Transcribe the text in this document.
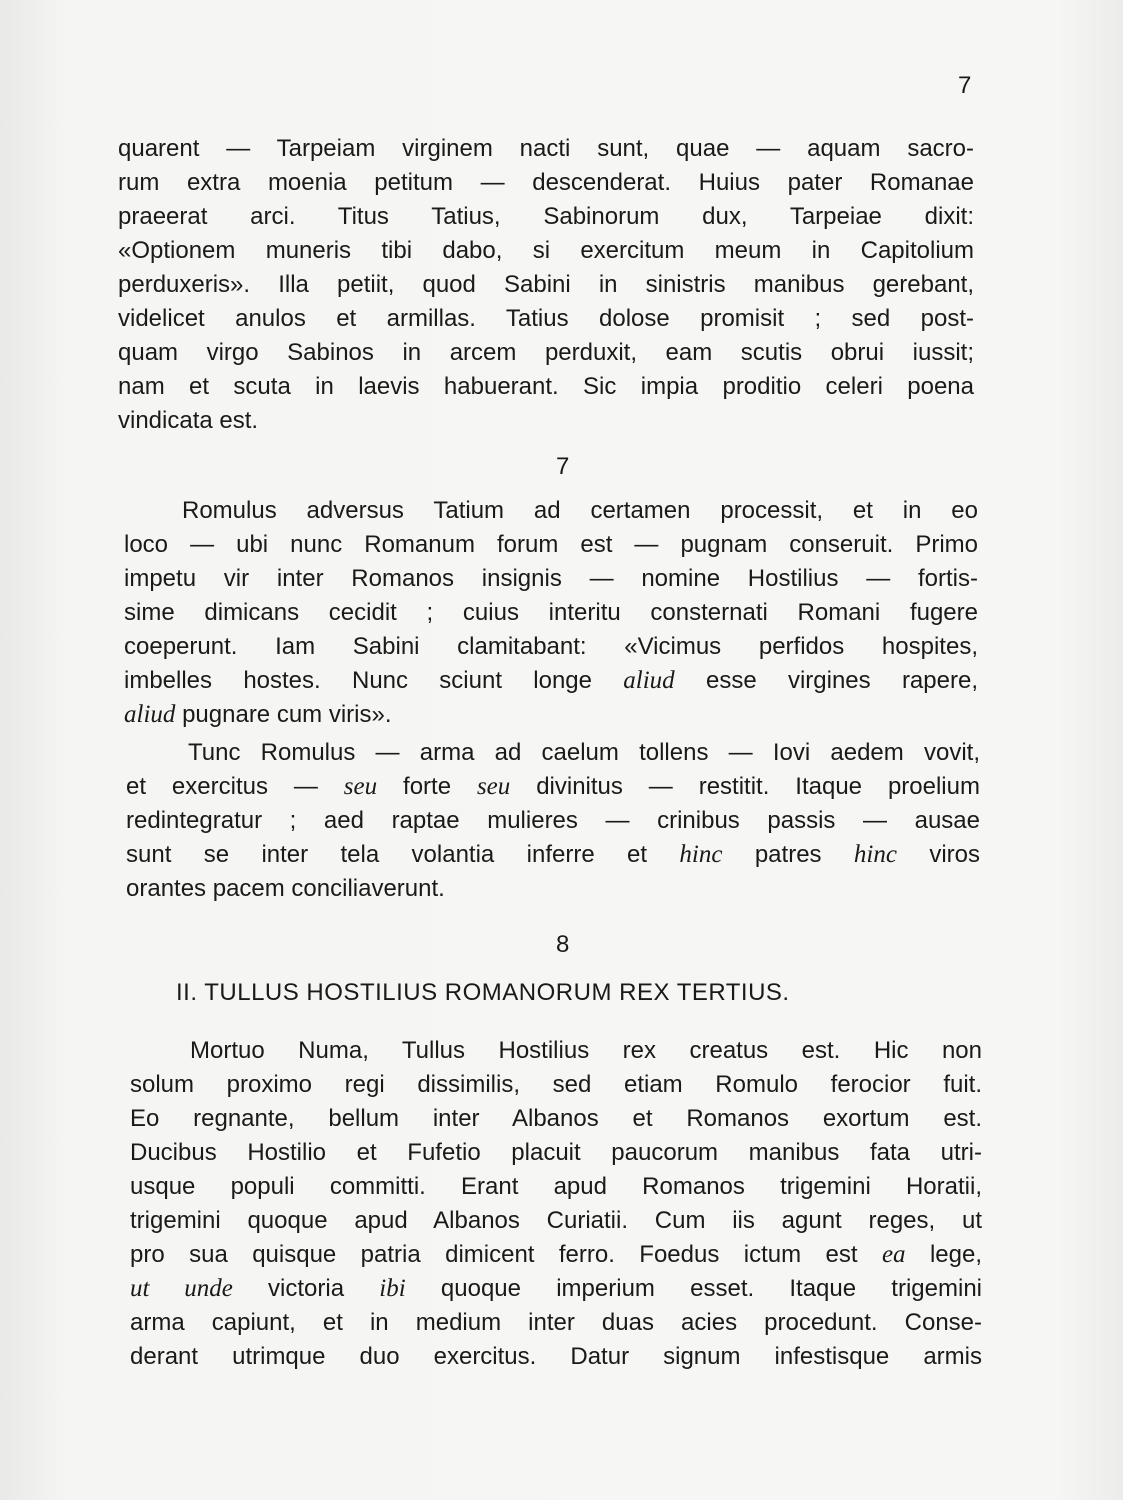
7
quarent — Tarpeiam virginem nacti sunt, quae — aquam sacro-
rum extra moenia petitum — descenderat. Huius pater Romanae
praeerat arci. Titus Tatius, Sabinorum dux, Tarpeiae dixit:
«Optionem muneris tibi dabo, si exercitum meum in Capitolium
perduxeris». Illa petiit, quod Sabini in sinistris manibus gerebant,
videlicet anulos et armillas. Tatius dolose promisit ; sed post-
quam virgo Sabinos in arcem perduxit, eam scutis obrui iussit;
nam et scuta in laevis habuerant. Sic impia proditio celeri poena
vindicata est.
7
Romulus adversus Tatium ad certamen processit, et in eo
loco — ubi nunc Romanum forum est — pugnam conseruit. Primo
impetu vir inter Romanos insignis — nomine Hostilius — fortis-
sime dimicans cecidit ; cuius interitu consternati Romani fugere
coeperunt. Iam Sabini clamitabant: «Vicimus perfidos hospites,
imbelles hostes. Nunc sciunt longe aliud esse virgines rapere,
aliud pugnare cum viris».
Tunc Romulus — arma ad caelum tollens — Iovi aedem vovit,
et exercitus — seu forte seu divinitus — restitit. Itaque proelium
redintegratur ; aed raptae mulieres — crinibus passis — ausae
sunt se inter tela volantia inferre et hinc patres hinc viros
orantes pacem conciliaverunt.
8
II. TULLUS HOSTILIUS ROMANORUM REX TERTIUS.
Mortuo Numa, Tullus Hostilius rex creatus est. Hic non
solum proximo regi dissimilis, sed etiam Romulo ferocior fuit.
Eo regnante, bellum inter Albanos et Romanos exortum est.
Ducibus Hostilio et Fufetio placuit paucorum manibus fata utri-
usque populi committi. Erant apud Romanos trigemini Horatii,
trigemini quoque apud Albanos Curiatii. Cum iis agunt reges, ut
pro sua quisque patria dimicent ferro. Foedus ictum est ea lege,
ut unde victoria ibi quoque imperium esset. Itaque trigemini
arma capiunt, et in medium inter duas acies procedunt. Conse-
derant utrimque duo exercitus. Datur signum infestisque armis
